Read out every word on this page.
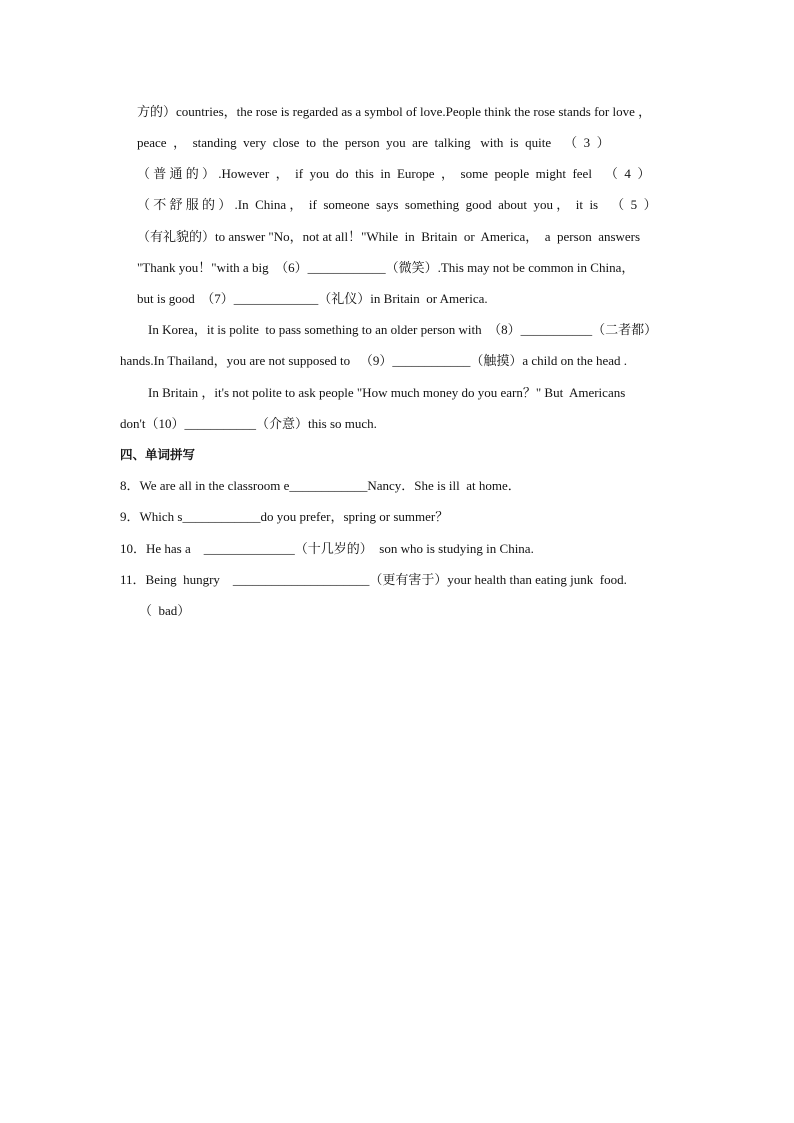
方的）countries，the rose is regarded as a symbol of love.People think the rose stands for love ，
peace  ，  standing  very  close  to  the  person  you  are  talking   with  is  quite    （  3  ）
（ 普 通 的 ） .However  ，  if  you  do  this  in  Europe  ，  some  people  might  feel    （  4  ）
（ 不 舒 服 的 ） .In  China ，  if  someone  says  something  good  about  you ，  it  is    （  5  ）
（有礼貌的）to answer "No，not at all！"While  in  Britain  or  America，  a  person  answers
"Thank you！"with a big  （6）____________（微笑）.This may not be common in China，
but is good  （7）_____________（礼仪）in Britain  or America.
In Korea，it is polite  to pass something to an older person with  （8）___________（二者都）
hands.In Thailand，you are not supposed to   （9）____________（触摸）a child on the head .
In Britain ，it's not polite to ask people "How much money do you earn？" But  Americans
don't（10）___________（介意）this so much.
四、单词拼写
8．We are all in the classroom e____________Nancy．She is ill  at home．
9．Which s____________do you prefer，spring or summer？
10．He has a    ______________（十几岁的）  son who is studying in China.
11．Being  hungry    _____________________（更有害于）your health than eating junk  food.
（  bad）
